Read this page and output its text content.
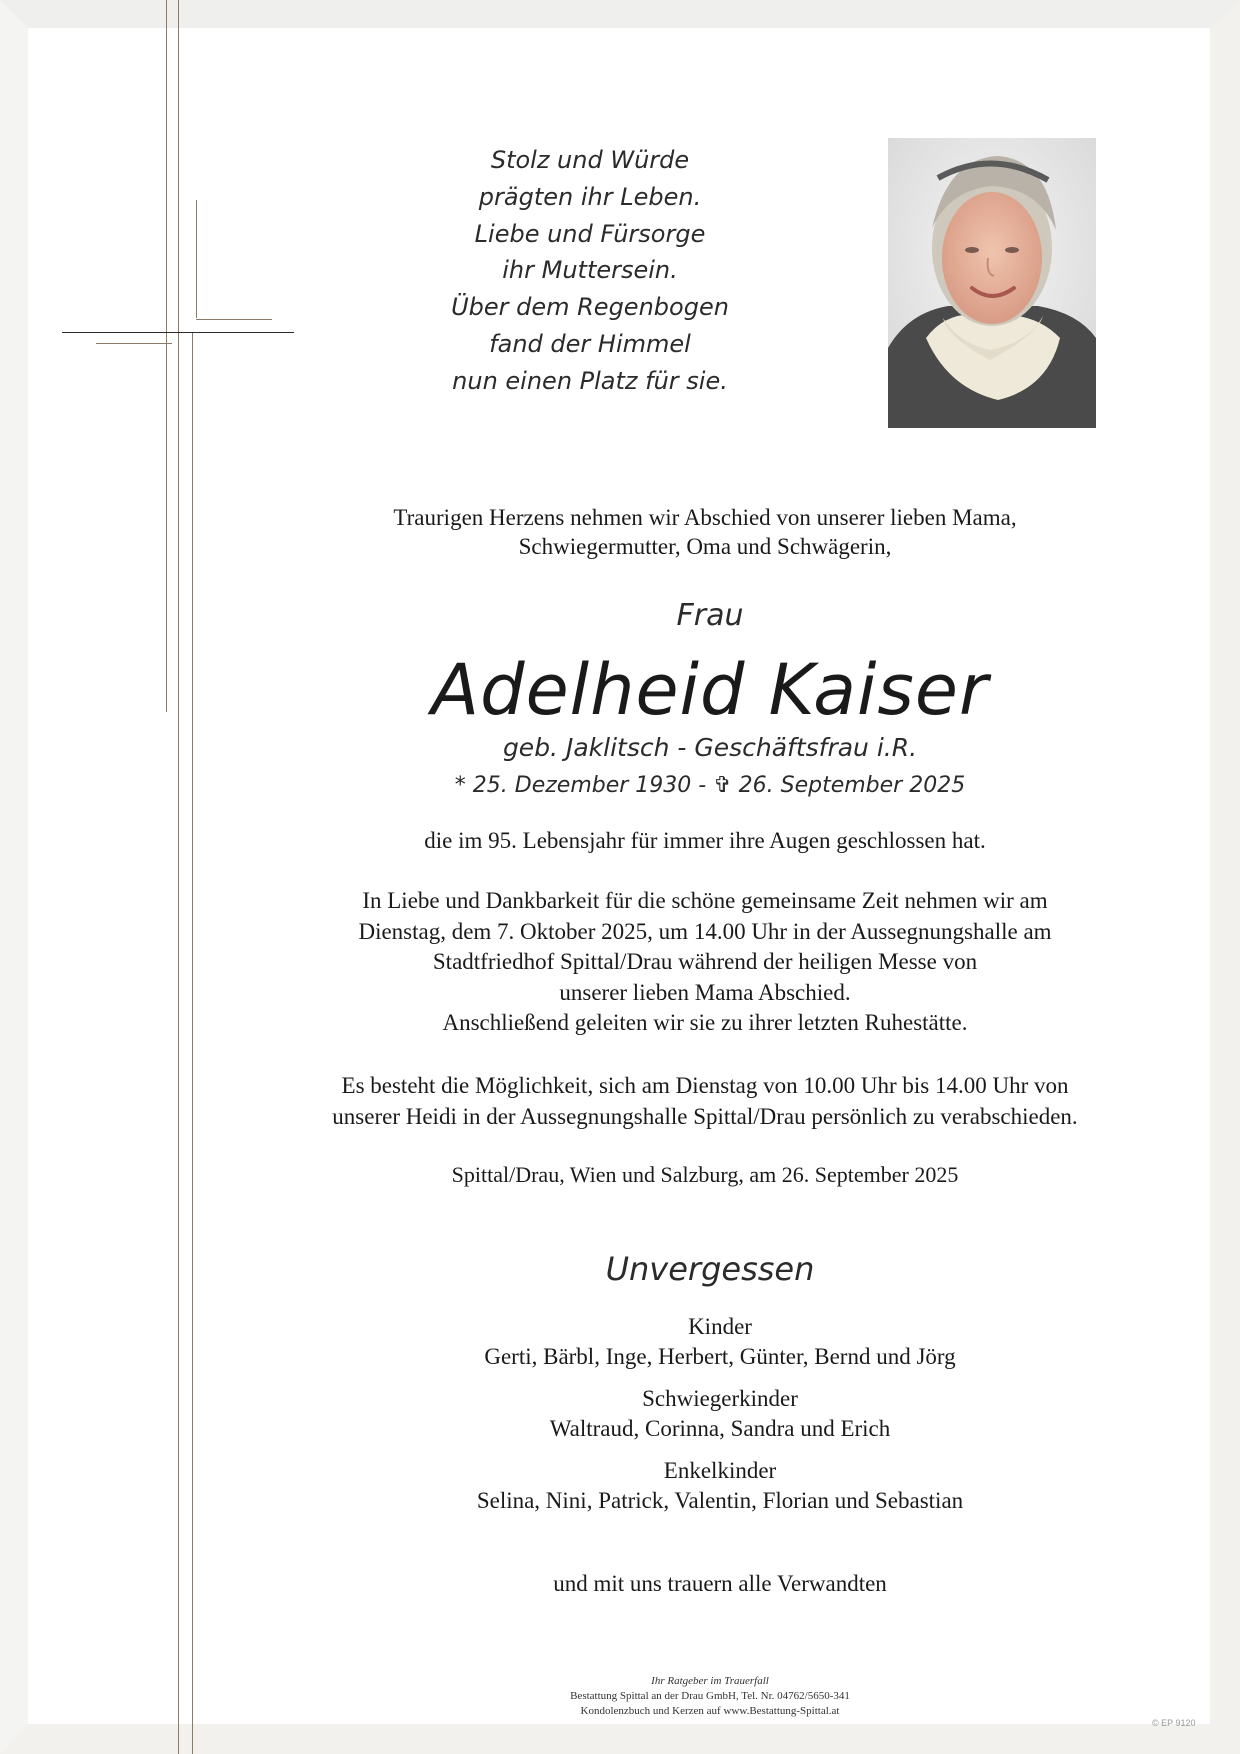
Stolz und Würde
prägten ihr Leben.
Liebe und Fürsorge
ihr Muttersein.
Über dem Regenbogen
fand der Himmel
nun einen Platz für sie.
Traurigen Herzens nehmen wir Abschied von unserer lieben Mama,
Schwiegermutter, Oma und Schwägerin,
Frau
Adelheid Kaiser
geb. Jaklitsch - Geschäftsfrau i.R.
* 25. Dezember 1930 - ✞ 26. September 2025
die im 95. Lebensjahr für immer ihre Augen geschlossen hat.
In Liebe und Dankbarkeit für die schöne gemeinsame Zeit nehmen wir am
Dienstag, dem 7. Oktober 2025, um 14.00 Uhr in der Aussegnungshalle am
Stadtfriedhof Spittal/Drau während der heiligen Messe von
unserer lieben Mama Abschied.
Anschließend geleiten wir sie zu ihrer letzten Ruhestätte.
Es besteht die Möglichkeit, sich am Dienstag von 10.00 Uhr bis 14.00 Uhr von
unserer Heidi in der Aussegnungshalle Spittal/Drau persönlich zu verabschieden.
Spittal/Drau, Wien und Salzburg, am 26. September 2025
Unvergessen
Kinder
Gerti, Bärbl, Inge, Herbert, Günter, Bernd und Jörg
Schwiegerkinder
Waltraud, Corinna, Sandra und Erich
Enkelkinder
Selina, Nini, Patrick, Valentin, Florian und Sebastian
und mit uns trauern alle Verwandten
Ihr Ratgeber im Trauerfall
Bestattung Spittal an der Drau GmbH, Tel. Nr. 04762/5650-341
Kondolenzbuch und Kerzen auf www.Bestattung-Spittal.at
© EP 9120
